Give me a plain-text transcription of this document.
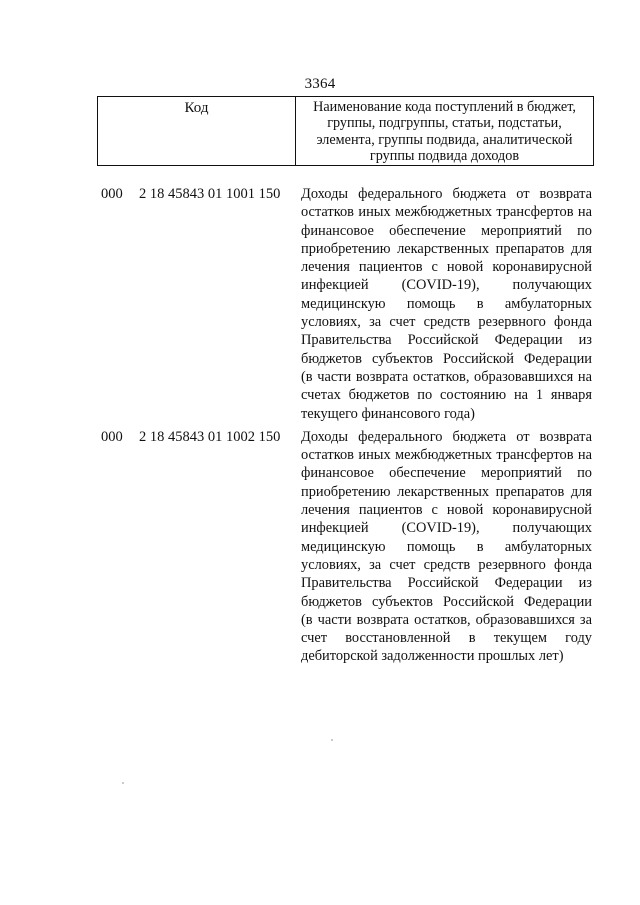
3364
Код	Наименование кода поступлений в бюджет,
группы, подгруппы, статьи, подстатьи,
элемента, группы подвида, аналитической
группы подвида доходов
000	2 18 45843 01 1001 150	Доходы федерального бюджета от возврата
остатков иных межбюджетных трансфертов на
финансовое обеспечение мероприятий по
приобретению лекарственных препаратов для
лечения пациентов с новой коронавирусной
инфекцией (COVID-19), получающих
медицинскую помощь в амбулаторных
условиях, за счет средств резервного фонда
Правительства Российской Федерации из
бюджетов субъектов Российской Федерации
(в части возврата остатков, образовавшихся на
счетах бюджетов по состоянию на 1 января
текущего финансового года)
000	2 18 45843 01 1002 150	Доходы федерального бюджета от возврата
остатков иных межбюджетных трансфертов на
финансовое обеспечение мероприятий по
приобретению лекарственных препаратов для
лечения пациентов с новой коронавирусной
инфекцией (COVID-19), получающих
медицинскую помощь в амбулаторных
условиях, за счет средств резервного фонда
Правительства Российской Федерации из
бюджетов субъектов Российской Федерации
(в части возврата остатков, образовавшихся за
счет восстановленной в текущем году
дебиторской задолженности прошлых лет)
